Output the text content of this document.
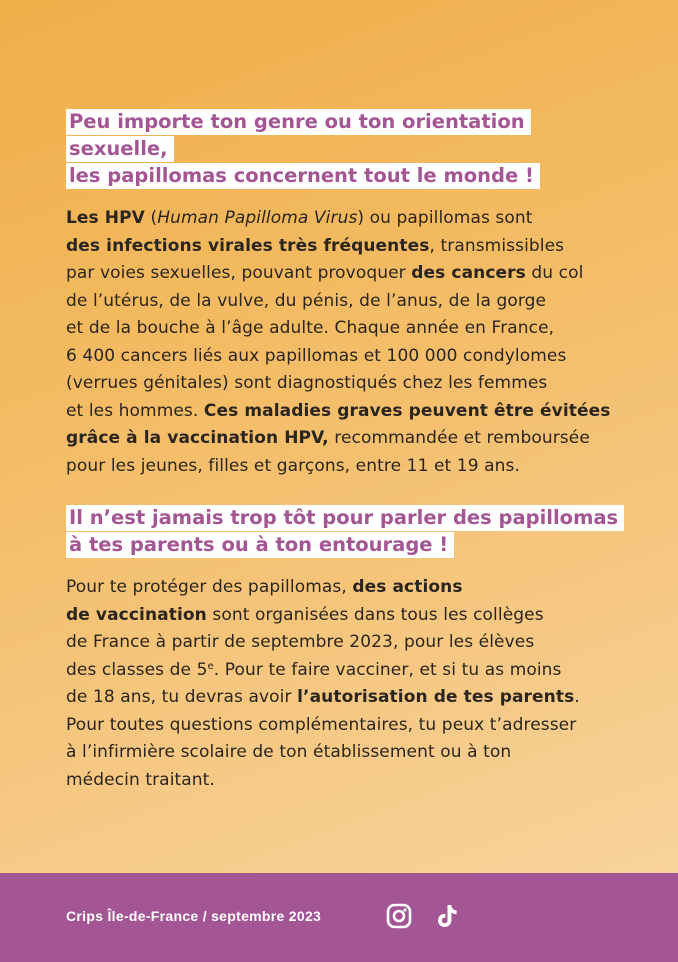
Peu importe ton genre ou ton orientation sexuelle,
les papillomas concernent tout le monde !

Les HPV (Human Papilloma Virus) ou papillomas sont
des infections virales très fréquentes, transmissibles
par voies sexuelles, pouvant provoquer des cancers du col
de l’utérus, de la vulve, du pénis, de l’anus, de la gorge
et de la bouche à l’âge adulte. Chaque année en France,
6 400 cancers liés aux papillomas et 100 000 condylomes
(verrues génitales) sont diagnostiqués chez les femmes
et les hommes. Ces maladies graves peuvent être évitées
grâce à la vaccination HPV, recommandée et remboursée
pour les jeunes, filles et garçons, entre 11 et 19 ans.

Il n’est jamais trop tôt pour parler des papillomas
à tes parents ou à ton entourage !

Pour te protéger des papillomas, des actions
de vaccination sont organisées dans tous les collèges
de France à partir de septembre 2023, pour les élèves
des classes de 5e. Pour te faire vacciner, et si tu as moins
de 18 ans, tu devras avoir l’autorisation de tes parents.
Pour toutes questions complémentaires, tu peux t’adresser
à l’infirmière scolaire de ton établissement ou à ton
médecin traitant.

Crips Île-de-France / septembre 2023
